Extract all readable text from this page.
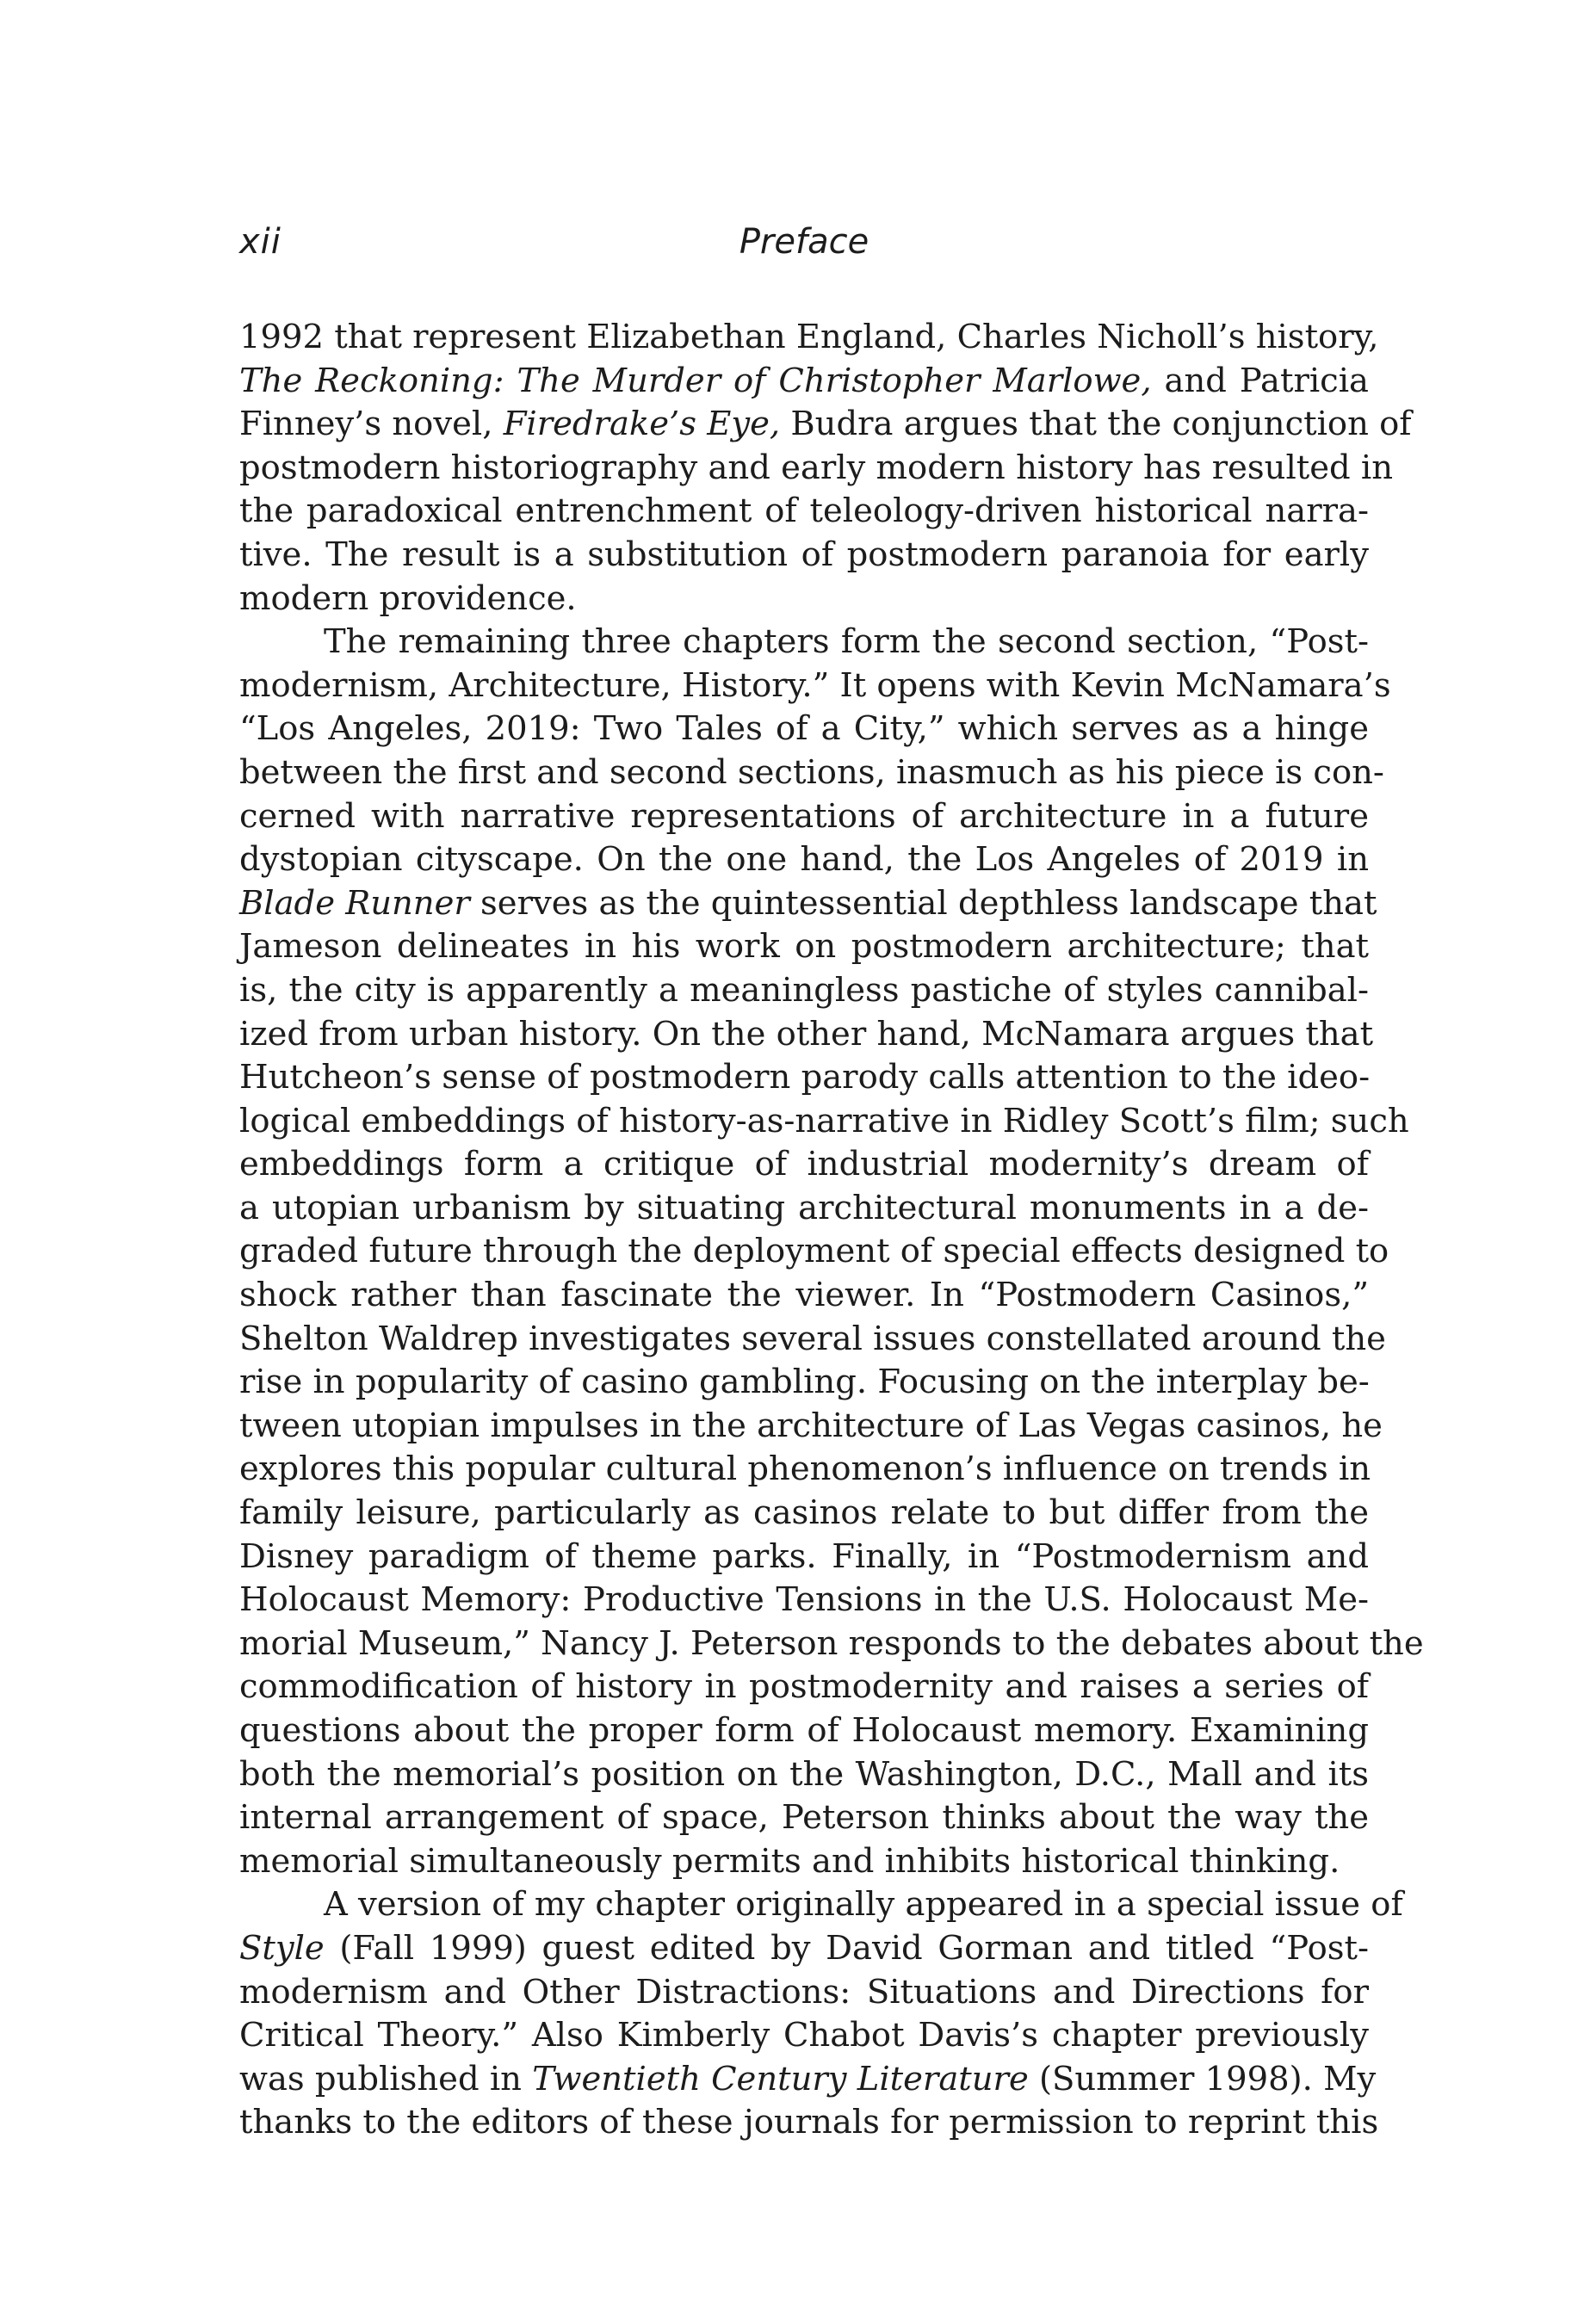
xii	Preface
1992 that represent Elizabethan England, Charles Nicholl’s history,
The Reckoning: The Murder of Christopher Marlowe, and Patricia
Finney’s novel, Firedrake’s Eye, Budra argues that the conjunction of
postmodern historiography and early modern history has resulted in
the paradoxical entrenchment of teleology-driven historical narra-
tive. The result is a substitution of postmodern paranoia for early
modern providence.
The remaining three chapters form the second section, “Post-
modernism, Architecture, History.” It opens with Kevin McNamara’s
“Los Angeles, 2019: Two Tales of a City,” which serves as a hinge
between the first and second sections, inasmuch as his piece is con-
cerned with narrative representations of architecture in a future
dystopian cityscape. On the one hand, the Los Angeles of 2019 in
Blade Runner serves as the quintessential depthless landscape that
Jameson delineates in his work on postmodern architecture; that
is, the city is apparently a meaningless pastiche of styles cannibal-
ized from urban history. On the other hand, McNamara argues that
Hutcheon’s sense of postmodern parody calls attention to the ideo-
logical embeddings of history-as-narrative in Ridley Scott’s film; such
embeddings form a critique of industrial modernity’s dream of
a utopian urbanism by situating architectural monuments in a de-
graded future through the deployment of special effects designed to
shock rather than fascinate the viewer. In “Postmodern Casinos,”
Shelton Waldrep investigates several issues constellated around the
rise in popularity of casino gambling. Focusing on the interplay be-
tween utopian impulses in the architecture of Las Vegas casinos, he
explores this popular cultural phenomenon’s influence on trends in
family leisure, particularly as casinos relate to but differ from the
Disney paradigm of theme parks. Finally, in “Postmodernism and
Holocaust Memory: Productive Tensions in the U.S. Holocaust Me-
morial Museum,” Nancy J. Peterson responds to the debates about the
commodification of history in postmodernity and raises a series of
questions about the proper form of Holocaust memory. Examining
both the memorial’s position on the Washington, D.C., Mall and its
internal arrangement of space, Peterson thinks about the way the
memorial simultaneously permits and inhibits historical thinking.
A version of my chapter originally appeared in a special issue of
Style (Fall 1999) guest edited by David Gorman and titled “Post-
modernism and Other Distractions: Situations and Directions for
Critical Theory.” Also Kimberly Chabot Davis’s chapter previously
was published in Twentieth Century Literature (Summer 1998). My
thanks to the editors of these journals for permission to reprint this
